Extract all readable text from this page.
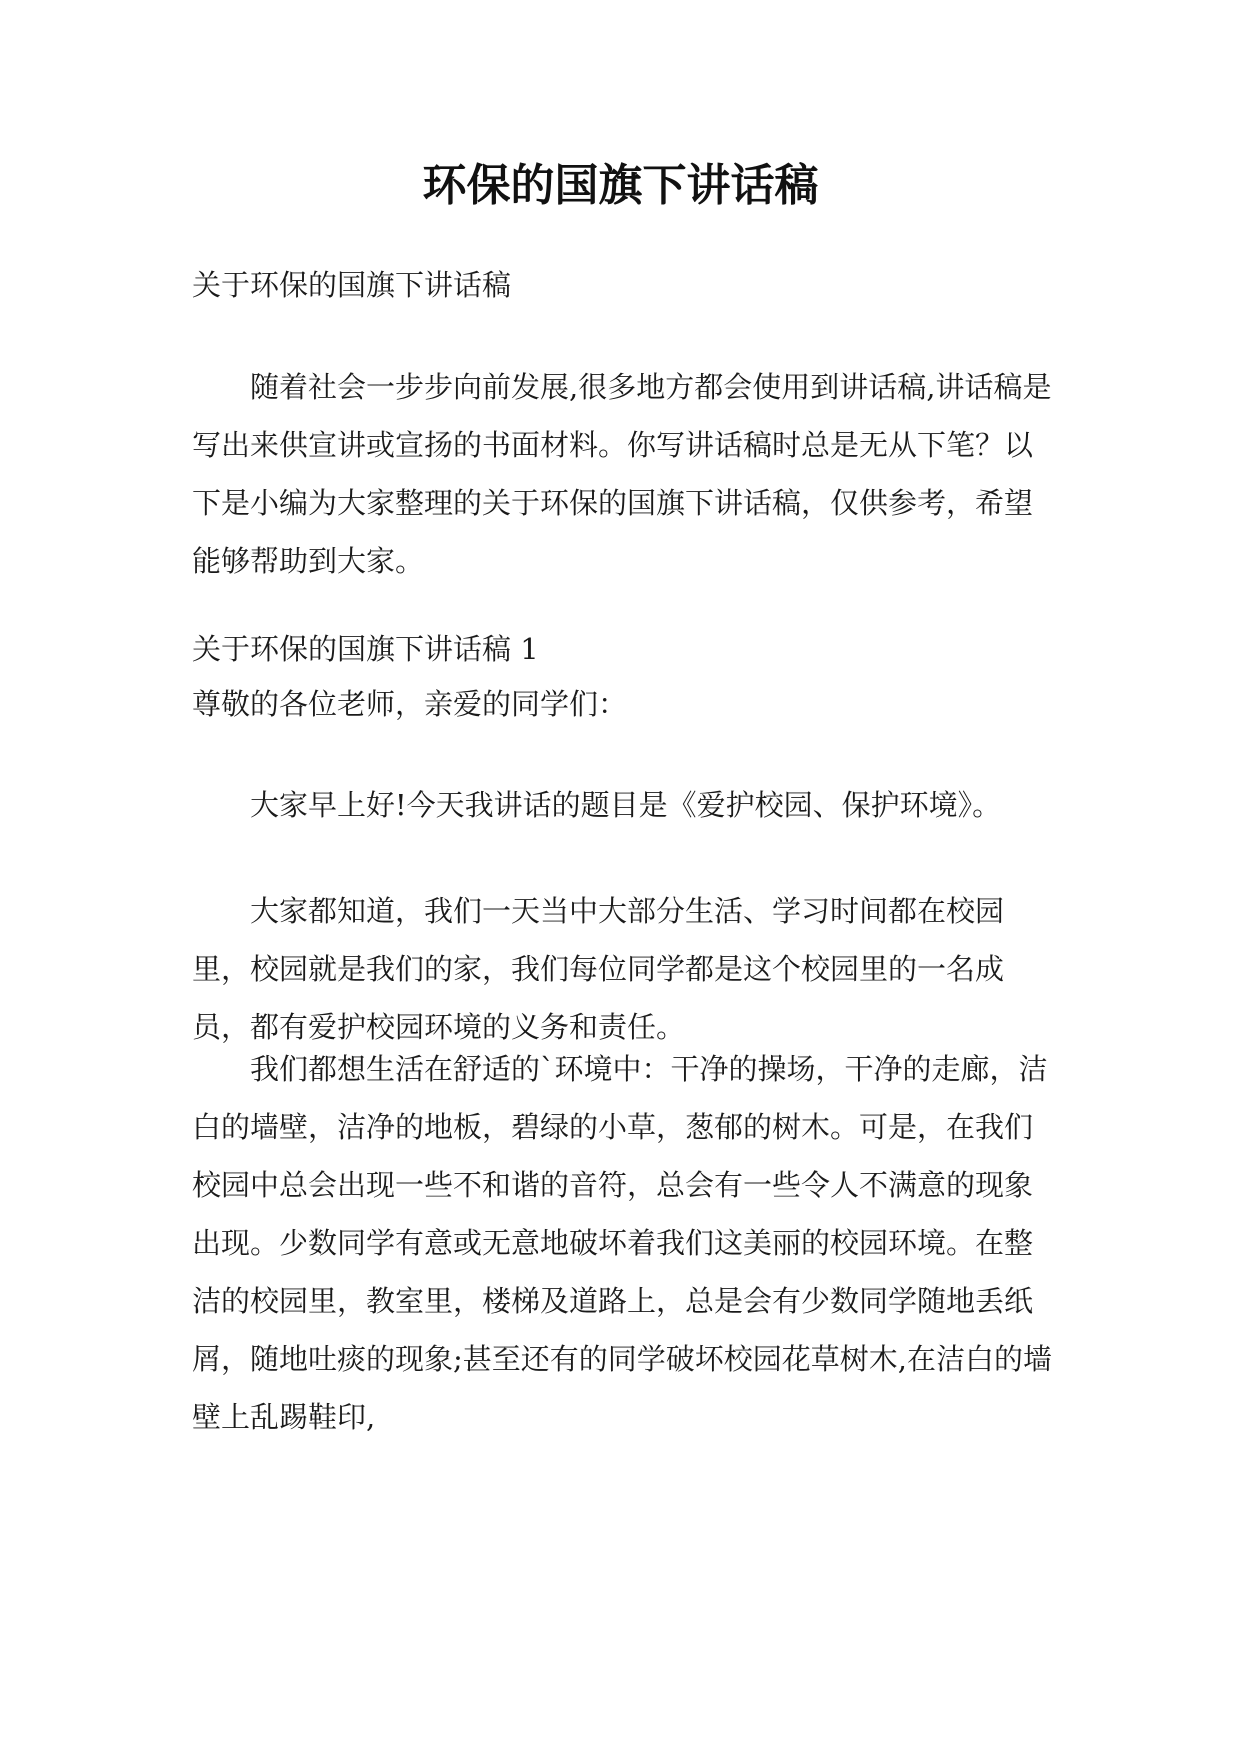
环保的国旗下讲话稿

关于环保的国旗下讲话稿

随着社会一步步向前发展,很多地方都会使用到讲话稿,讲话稿是写出来供宣讲或宣扬的书面材料。你写讲话稿时总是无从下笔？以下是小编为大家整理的关于环保的国旗下讲话稿，仅供参考，希望能够帮助到大家。

关于环保的国旗下讲话稿 1

尊敬的各位老师，亲爱的同学们：

大家早上好!今天我讲话的题目是《爱护校园、保护环境》。

大家都知道，我们一天当中大部分生活、学习时间都在校园里，校园就是我们的家，我们每位同学都是这个校园里的一名成员，都有爱护校园环境的义务和责任。

我们都想生活在舒适的`环境中：干净的操场，干净的走廊，洁白的墙壁，洁净的地板，碧绿的小草，葱郁的树木。可是，在我们校园中总会出现一些不和谐的音符，总会有一些令人不满意的现象出现。少数同学有意或无意地破坏着我们这美丽的校园环境。在整洁的校园里，教室里，楼梯及道路上，总是会有少数同学随地丢纸屑，随地吐痰的现象;甚至还有的同学破坏校园花草树木,在洁白的墙壁上乱踢鞋印,
